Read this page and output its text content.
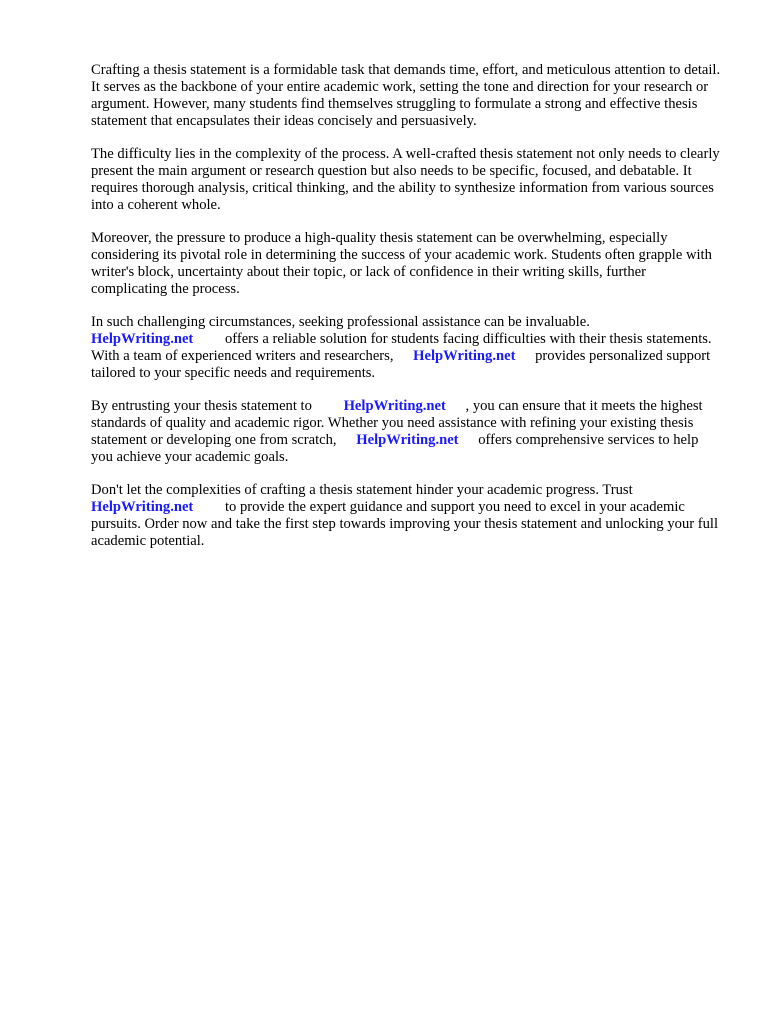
Crafting a thesis statement is a formidable task that demands time, effort, and meticulous attention to detail. It serves as the backbone of your entire academic work, setting the tone and direction for your research or argument. However, many students find themselves struggling to formulate a strong and effective thesis statement that encapsulates their ideas concisely and persuasively.

The difficulty lies in the complexity of the process. A well-crafted thesis statement not only needs to clearly present the main argument or research question but also needs to be specific, focused, and debatable. It requires thorough analysis, critical thinking, and the ability to synthesize information from various sources into a coherent whole.

Moreover, the pressure to produce a high-quality thesis statement can be overwhelming, especially considering its pivotal role in determining the success of your academic work. Students often grapple with writer's block, uncertainty about their topic, or lack of confidence in their writing skills, further complicating the process.

In such challenging circumstances, seeking professional assistance can be invaluable.
HelpWriting.net offers a reliable solution for students facing difficulties with their thesis statements. With a team of experienced writers and researchers, HelpWriting.net provides personalized support tailored to your specific needs and requirements.

By entrusting your thesis statement to HelpWriting.net , you can ensure that it meets the highest standards of quality and academic rigor. Whether you need assistance with refining your existing thesis statement or developing one from scratch, HelpWriting.net offers comprehensive services to help you achieve your academic goals.

Don't let the complexities of crafting a thesis statement hinder your academic progress. Trust
HelpWriting.net to provide the expert guidance and support you need to excel in your academic pursuits. Order now and take the first step towards improving your thesis statement and unlocking your full academic potential.
